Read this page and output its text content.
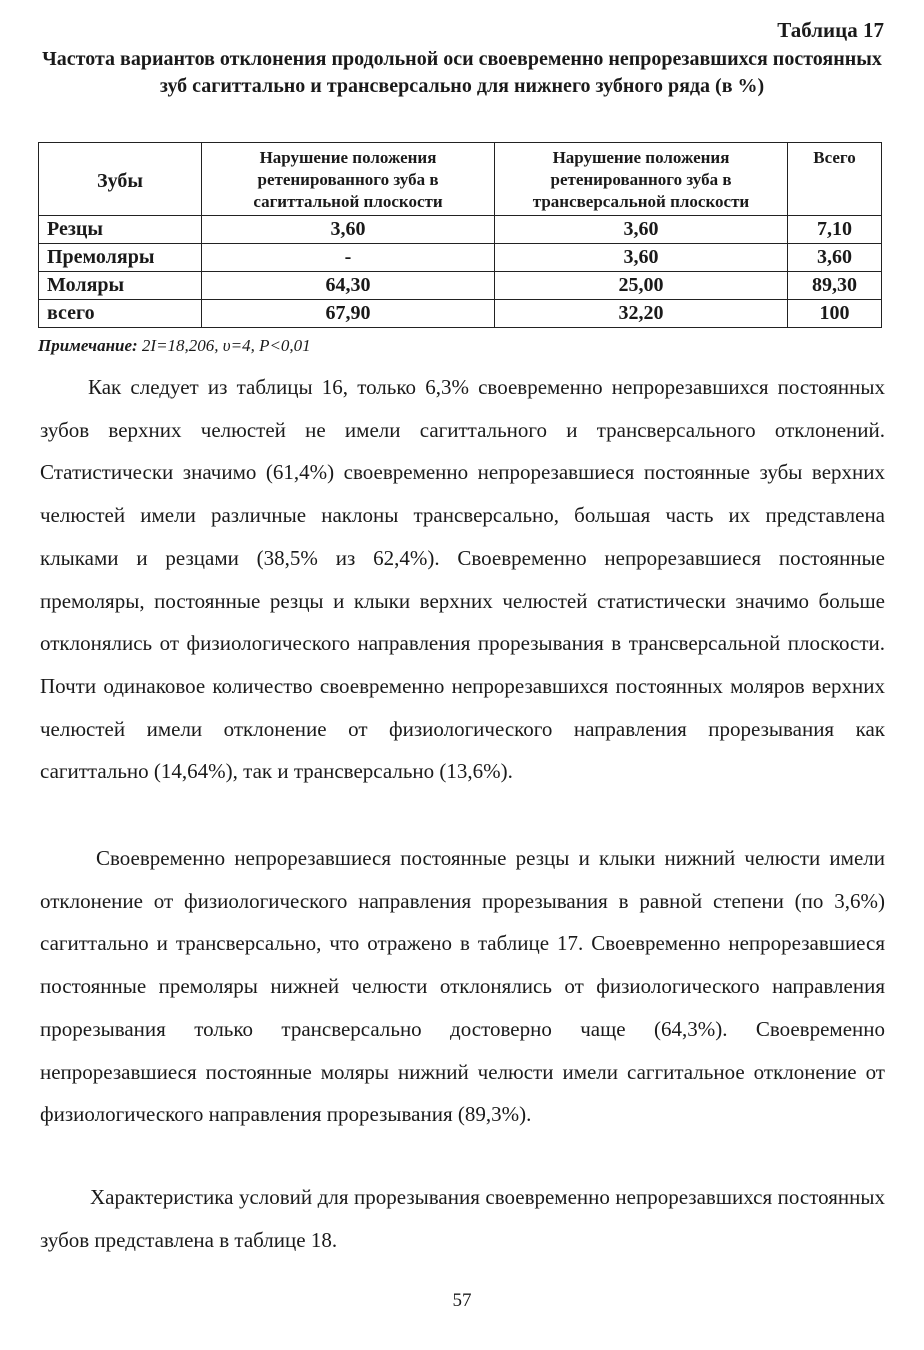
Таблица 17
Частота вариантов отклонения продольной оси своевременно непрорезавшихся постоянных зуб сагиттально и трансверсально для нижнего зубного ряда (в %)
Зубы	Нарушение положения ретенированного зуба в сагиттальной плоскости	Нарушение положения ретенированного зуба в трансверсальной плоскости	Всего
Резцы	3,60	3,60	7,10
Премоляры	-	3,60	3,60
Моляры	64,30	25,00	89,30
всего	67,90	32,20	100
Примечание: 2I=18,206, υ=4, P<0,01

Как следует из таблицы 16, только 6,3% своевременно непрорезавшихся постоянных зубов верхних челюстей не имели сагиттального и трансверсального отклонений. Статистически значимо (61,4%) своевременно непрорезавшиеся постоянные зубы верхних челюстей имели различные наклоны трансверсально, большая часть их представлена клыками и резцами (38,5% из 62,4%). Своевременно непрорезавшиеся постоянные премоляры, постоянные резцы и клыки верхних челюстей статистически значимо больше отклонялись от физиологического направления прорезывания в трансверсальной плоскости. Почти одинаковое количество своевременно непрорезавшихся постоянных моляров верхних челюстей имели отклонение от физиологического направления прорезывания как сагиттально (14,64%), так и трансверсально (13,6%).

Своевременно непрорезавшиеся постоянные резцы и клыки нижний челюсти имели отклонение от физиологического направления прорезывания в равной степени (по 3,6%) сагиттально и трансверсально, что отражено в таблице 17. Своевременно непрорезавшиеся постоянные премоляры нижней челюсти отклонялись от физиологического направления прорезывания только трансверсально достоверно чаще (64,3%). Своевременно непрорезавшиеся постоянные моляры нижний челюсти имели саггитальное отклонение от физиологического направления прорезывания (89,3%).

Характеристика условий для прорезывания своевременно непрорезавшихся постоянных зубов представлена в таблице 18.

57
